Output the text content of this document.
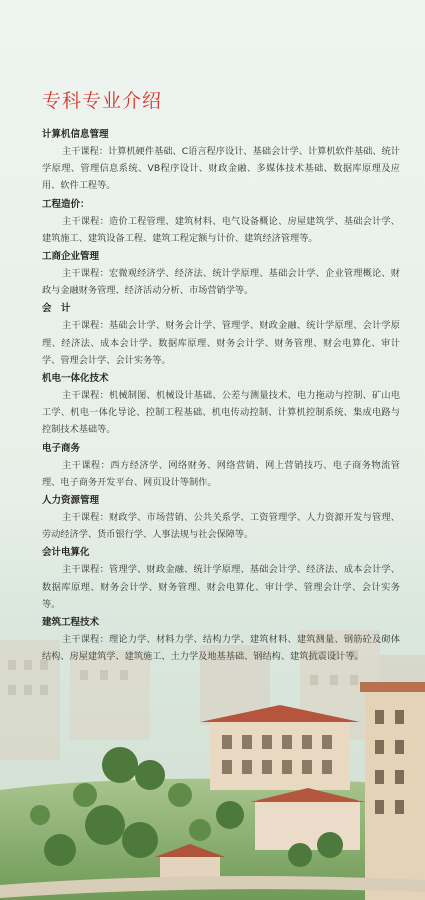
专科专业介绍
计算机信息管理
主干课程：计算机硬件基础、C语言程序设计、基础会计学、计算机软件基础、统计学原理、管理信息系统、VB程序设计、财政金融、多媒体技术基础、数据库原理及应用、软件工程等。
工程造价：
主干课程：造价工程管理、建筑材料、电气设备概论、房屋建筑学、基础会计学、建筑施工、建筑设备工程、建筑工程定额与计价、建筑经济管理等。
工商企业管理
主干课程：宏微观经济学、经济法、统计学原理、基础会计学、企业管理概论、财政与金融财务管理、经济活动分析、市场营销学等。
会　计
主干课程：基础会计学、财务会计学、管理学、财政金融、统计学原理、会计学原理、经济法、成本会计学、数据库原理、财务会计学、财务管理、财会电算化、审计学、管理会计学、会计实务等。
机电一体化技术
主干课程：机械制图、机械设计基础、公差与测量技术、电力拖动与控制、矿山电工学、机电一体化导论、控制工程基础、机电传动控制、计算机控制系统、集成电路与控制技术基础等。
电子商务
主干课程：西方经济学、网络财务、网络营销、网上营销技巧、电子商务物流管理、电子商务开发平台、网页设计等制作。
人力资源管理
主干课程：财政学、市场营销、公共关系学、工资管理学、人力资源开发与管理、劳动经济学、货币银行学、人事法规与社会保障等。
会计电算化
主干课程：管理学、财政金融、统计学原理、基础会计学、经济法、成本会计学、数据库原理、财务会计学、财务管理、财会电算化、审计学、管理会计学、会计实务等。
建筑工程技术
主干课程：理论力学、材料力学、结构力学、建筑材料、建筑测量、钢筋砼及砌体结构、房屋建筑学、建筑施工、土力学及地基基础、钢结构、建筑抗震设计等。
